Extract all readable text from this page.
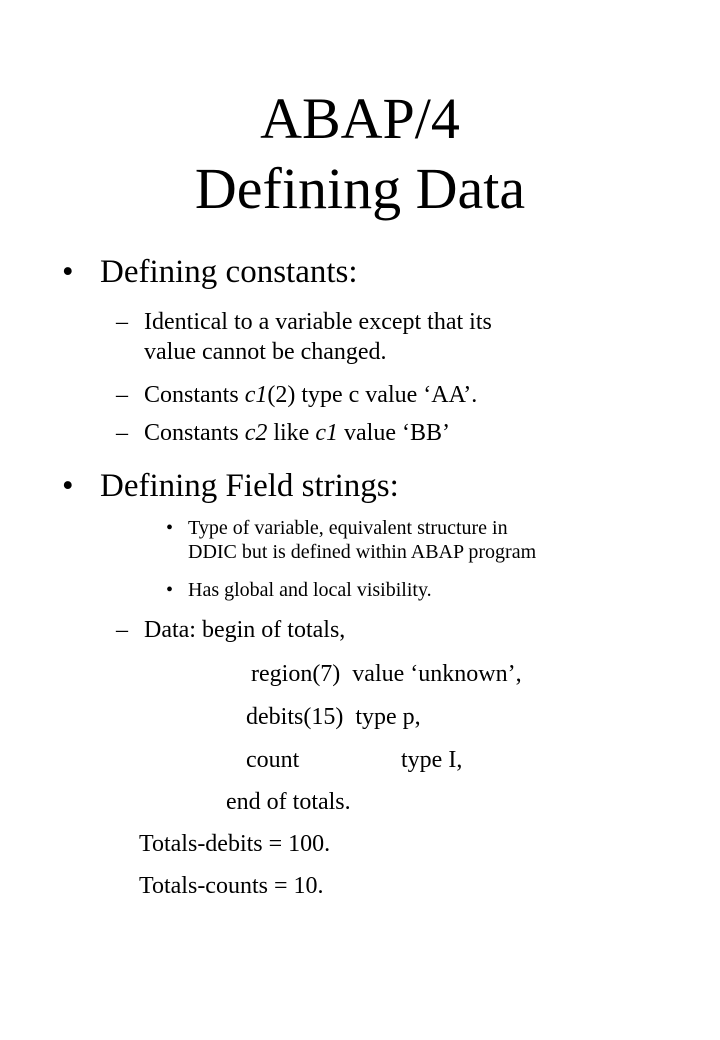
ABAP/4
Defining Data
• Defining constants:
– Identical to a variable except that its
value cannot be changed.
– Constants c1(2) type c value ‘AA’.
– Constants c2 like c1 value ‘BB’
• Defining Field strings:
• Type of variable, equivalent structure in
DDIC but is defined within ABAP program
• Has global and local visibility.
– Data: begin of totals,
region(7)  value ‘unknown’,
debits(15)  type p,
count	type I,
end of totals.
Totals-debits = 100.
Totals-counts = 10.
